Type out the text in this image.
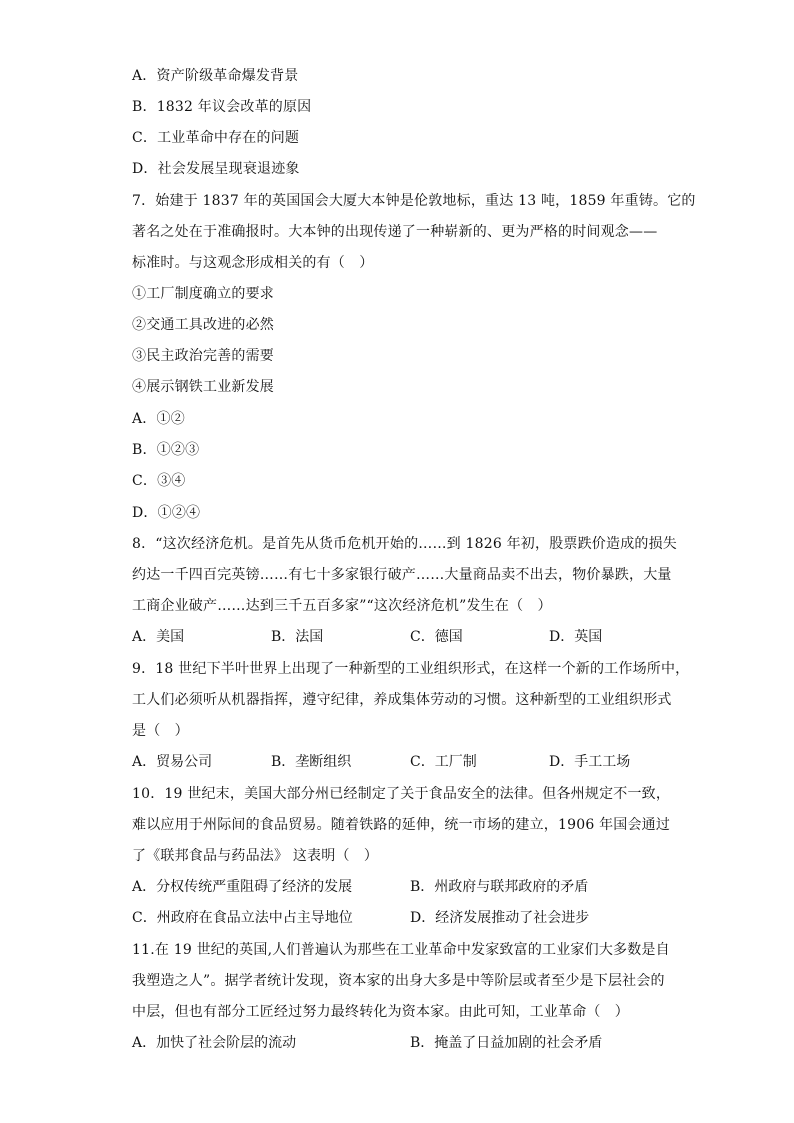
A．资产阶级革命爆发背景
B．1832 年议会改革的原因
C．工业革命中存在的问题
D．社会发展呈现衰退迹象
7．始建于 1837 年的英国国会大厦大本钟是伦敦地标，重达 13 吨，1859 年重铸。它的
著名之处在于准确报时。大本钟的出现传递了一种崭新的、更为严格的时间观念——
标准时。与这观念形成相关的有（　）
①工厂制度确立的要求
②交通工具改进的必然
③民主政治完善的需要
④展示钢铁工业新发展
A．①②
B．①②③
C．③④
D．①②④
8．“这次经济危机。是首先从货币危机开始的……到 1826 年初，股票跌价造成的损失
约达一千四百完英镑……有七十多家银行破产……大量商品卖不出去，物价暴跌，大量
工商企业破产……达到三千五百多家”“这次经济危机”发生在（　）
A．美国	B．法国	C．德国	D．英国
9．18 世纪下半叶世界上出现了一种新型的工业组织形式，在这样一个新的工作场所中，
工人们必须听从机器指挥，遵守纪律，养成集体劳动的习惯。这种新型的工业组织形式
是（　）
A．贸易公司	B．垄断组织	C．工厂制	D．手工工场
10．19 世纪末，美国大部分州已经制定了关于食品安全的法律。但各州规定不一致，
难以应用于州际间的食品贸易。随着铁路的延伸，统一市场的建立，1906 年国会通过
了《联邦食品与药品法》 这表明（　）
A．分权传统严重阻碍了经济的发展	B．州政府与联邦政府的矛盾
C．州政府在食品立法中占主导地位	D．经济发展推动了社会进步
11.在 19 世纪的英国,人们普遍认为那些在工业革命中发家致富的工业家们大多数是自
我塑造之人”。据学者统计发现，资本家的出身大多是中等阶层或者至少是下层社会的
中层，但也有部分工匠经过努力最终转化为资本家。由此可知，工业革命（　）
A．加快了社会阶层的流动	B．掩盖了日益加剧的社会矛盾
